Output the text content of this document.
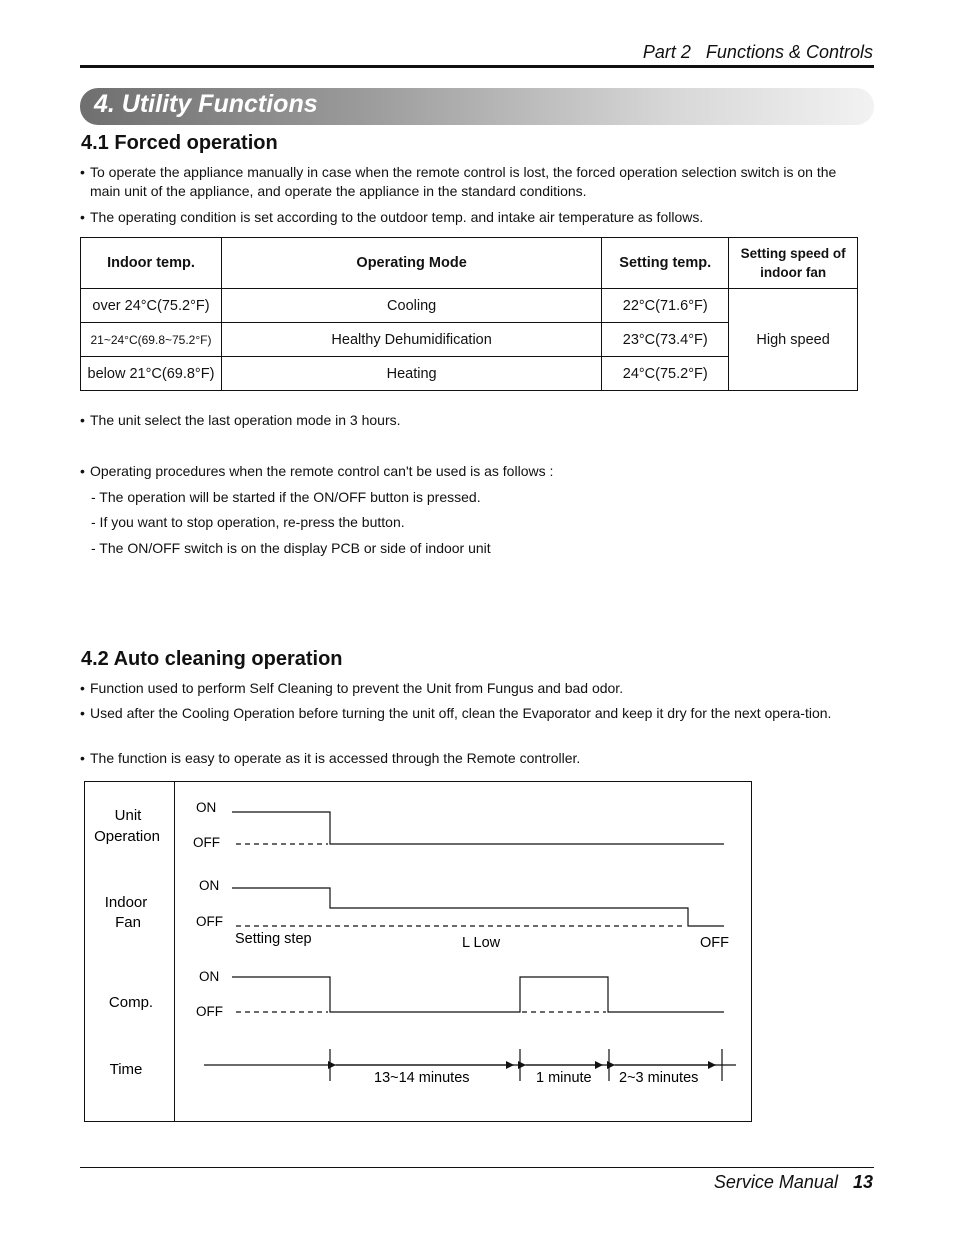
Part 2 Functions & Controls
4. Utility Functions
4.1 Forced operation
• To operate the appliance manually in case when the remote control is lost, the forced operation selection switch is on the main unit of the appliance, and operate the appliance in the standard conditions.
• The operating condition is set according to the outdoor temp. and intake air temperature as follows.
Indoor temp.	Operating Mode	Setting temp.	Setting speed of indoor fan
over 24°C(75.2°F)	Cooling	22°C(71.6°F)	High speed
21~24°C(69.8~75.2°F)	Healthy Dehumidification	23°C(73.4°F)	
below 21°C(69.8°F)	Heating	24°C(75.2°F)	
• The unit select the last operation mode in 3 hours.
• Operating procedures when the remote control can't be used is as follows :
- The operation will be started if the ON/OFF button is pressed.
- If you want to stop operation, re-press the button.
- The ON/OFF switch is on the display PCB or side of indoor unit
4.2 Auto cleaning operation
• Function used to perform Self Cleaning to prevent the Unit from Fungus and bad odor.
• Used after the Cooling Operation before turning the unit off, clean the Evaporator and keep it dry for the next opera-tion.
• The function is easy to operate as it is accessed through the Remote controller.
Unit
Operation
Indoor
Fan
Comp.
Time
ON
OFF
ON
OFF
ON
OFF
Setting step	L Low	OFF
13~14 minutes	1 minute 2~3 minutes
Service Manual 13
